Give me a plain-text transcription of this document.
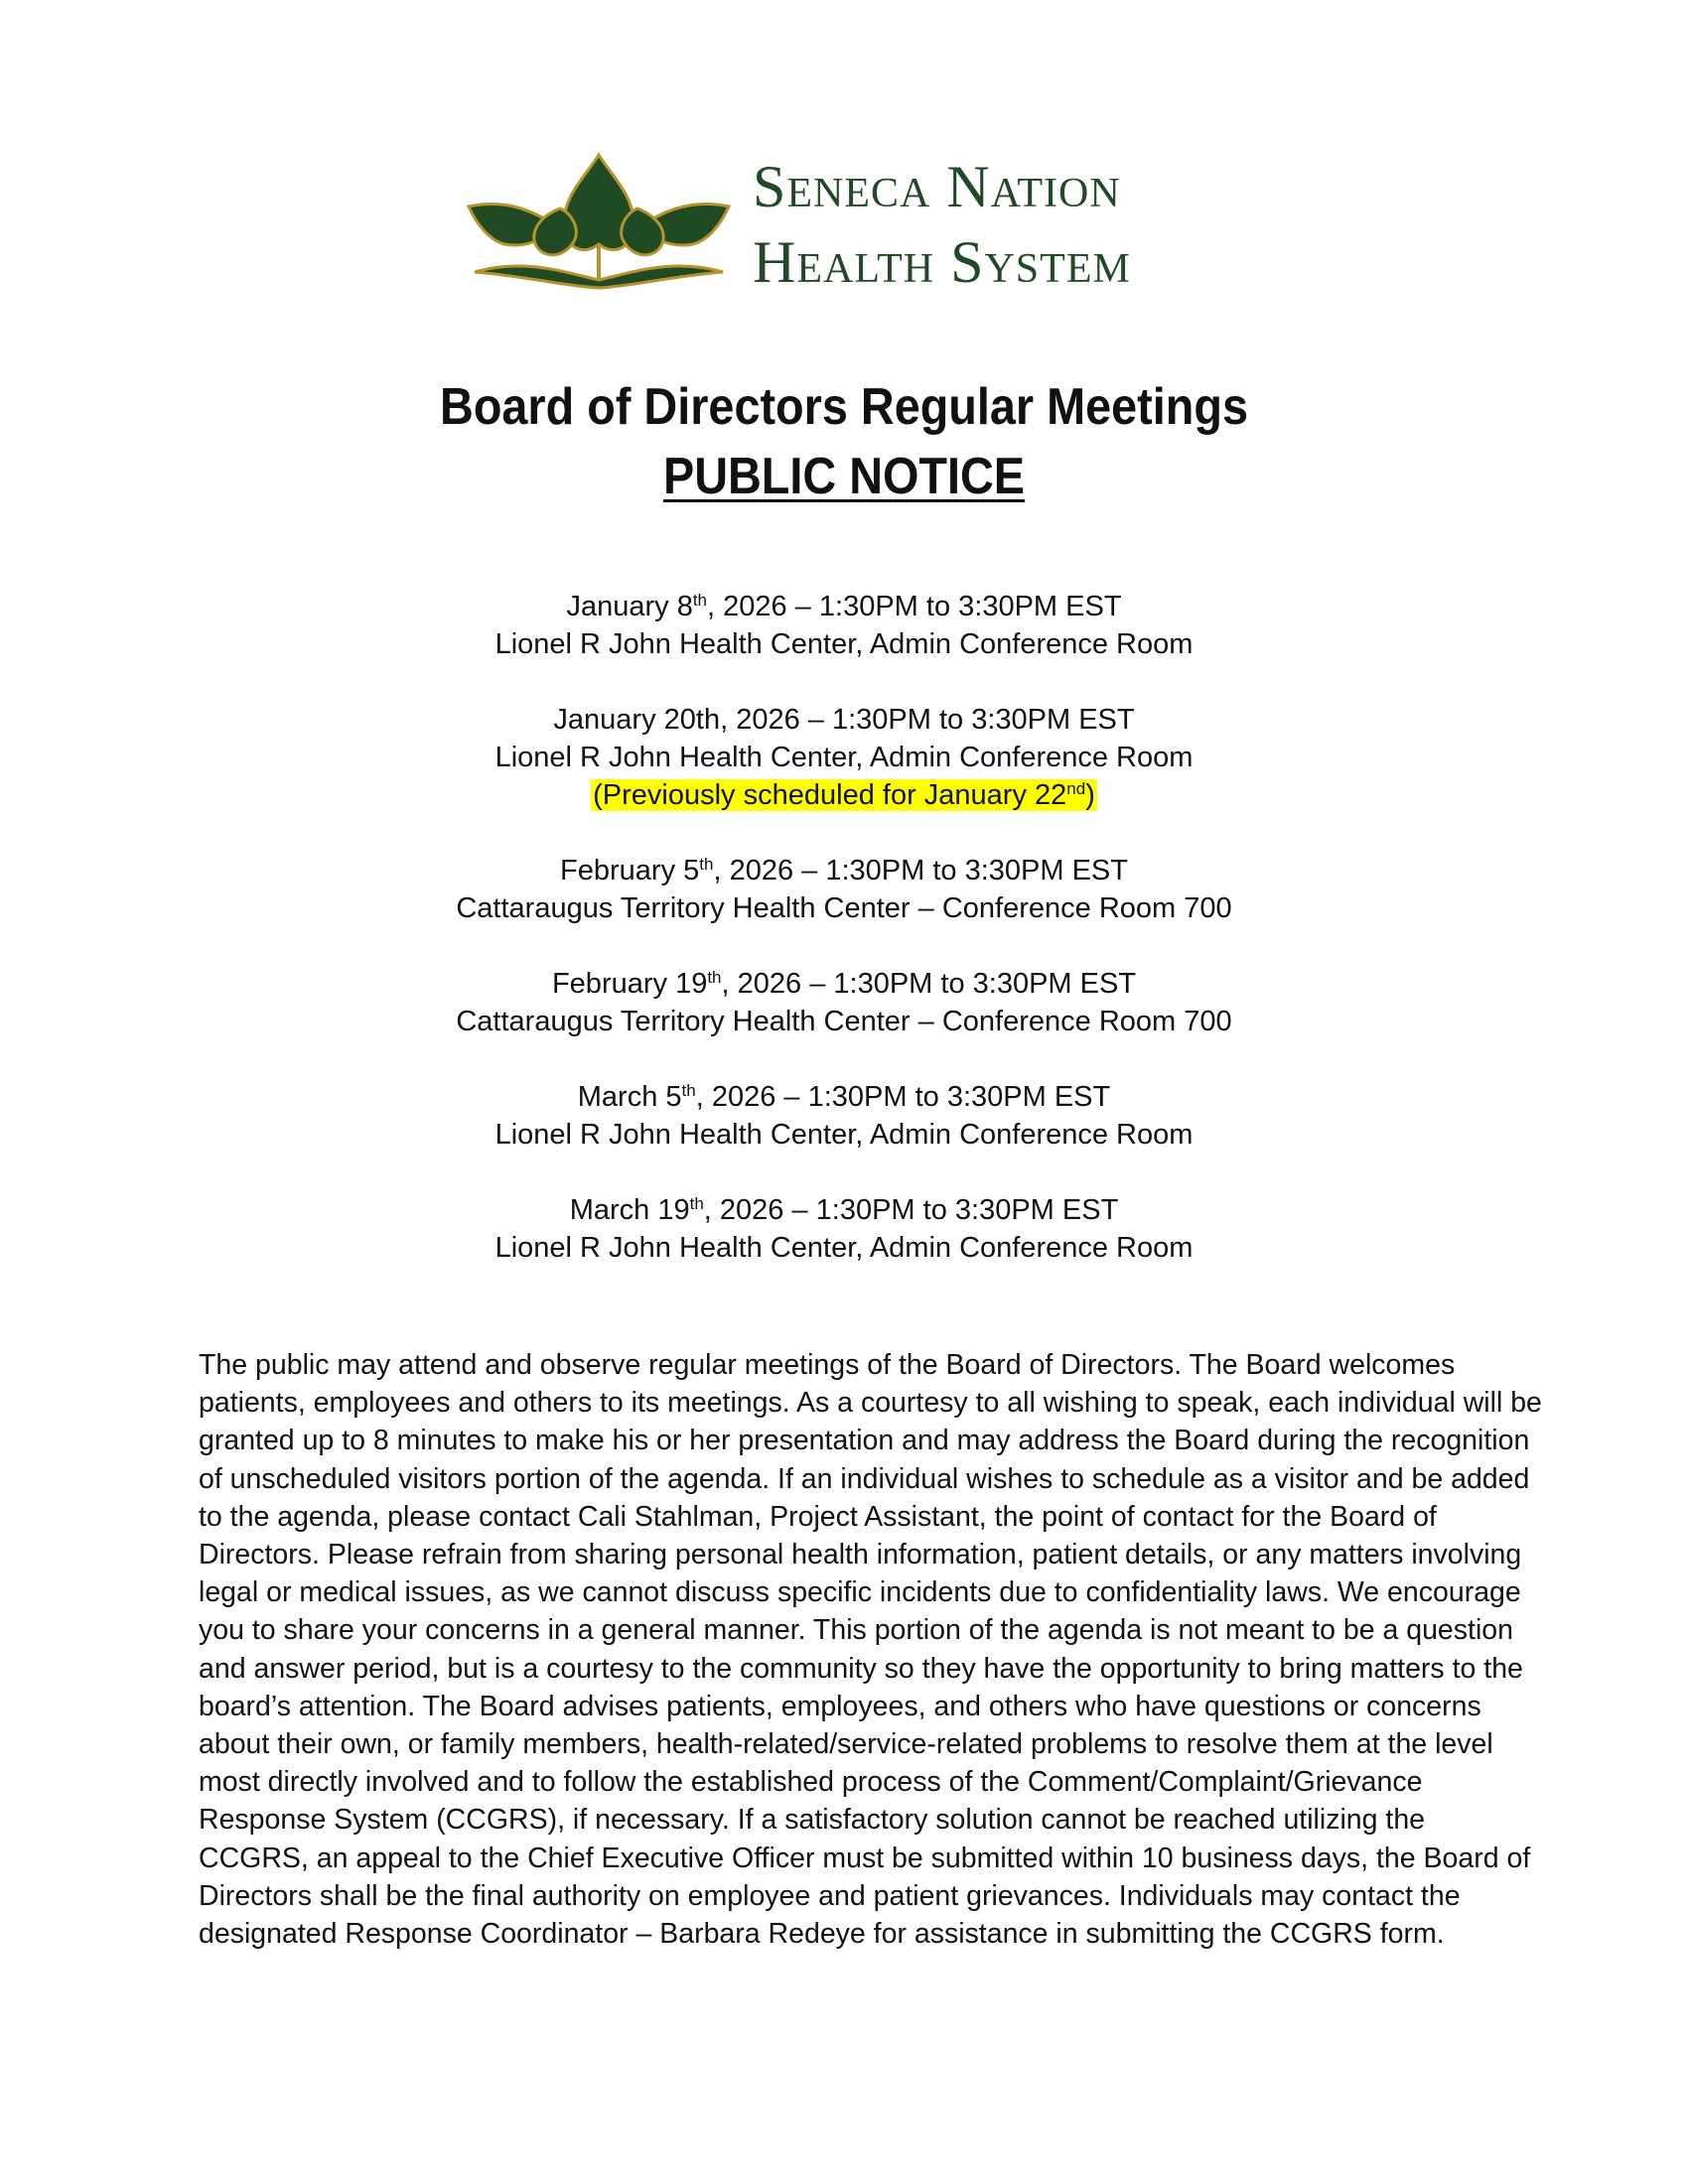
Seneca Nation
Health System
Board of Directors Regular Meetings
PUBLIC NOTICE
January 8th, 2026 – 1:30PM to 3:30PM EST
Lionel R John Health Center, Admin Conference Room
January 20th, 2026 – 1:30PM to 3:30PM EST
Lionel R John Health Center, Admin Conference Room
(Previously scheduled for January 22nd)
February 5th, 2026 – 1:30PM to 3:30PM EST
Cattaraugus Territory Health Center – Conference Room 700
February 19th, 2026 – 1:30PM to 3:30PM EST
Cattaraugus Territory Health Center – Conference Room 700
March 5th, 2026 – 1:30PM to 3:30PM EST
Lionel R John Health Center, Admin Conference Room
March 19th, 2026 – 1:30PM to 3:30PM EST
Lionel R John Health Center, Admin Conference Room
The public may attend and observe regular meetings of the Board of Directors. The Board welcomes
patients, employees and others to its meetings. As a courtesy to all wishing to speak, each individual will be
granted up to 8 minutes to make his or her presentation and may address the Board during the recognition
of unscheduled visitors portion of the agenda. If an individual wishes to schedule as a visitor and be added
to the agenda, please contact Cali Stahlman, Project Assistant, the point of contact for the Board of
Directors. Please refrain from sharing personal health information, patient details, or any matters involving
legal or medical issues, as we cannot discuss specific incidents due to confidentiality laws. We encourage
you to share your concerns in a general manner. This portion of the agenda is not meant to be a question
and answer period, but is a courtesy to the community so they have the opportunity to bring matters to the
board’s attention. The Board advises patients, employees, and others who have questions or concerns
about their own, or family members, health-related/service-related problems to resolve them at the level
most directly involved and to follow the established process of the Comment/Complaint/Grievance
Response System (CCGRS), if necessary. If a satisfactory solution cannot be reached utilizing the
CCGRS, an appeal to the Chief Executive Officer must be submitted within 10 business days, the Board of
Directors shall be the final authority on employee and patient grievances. Individuals may contact the
designated Response Coordinator – Barbara Redeye for assistance in submitting the CCGRS form.
